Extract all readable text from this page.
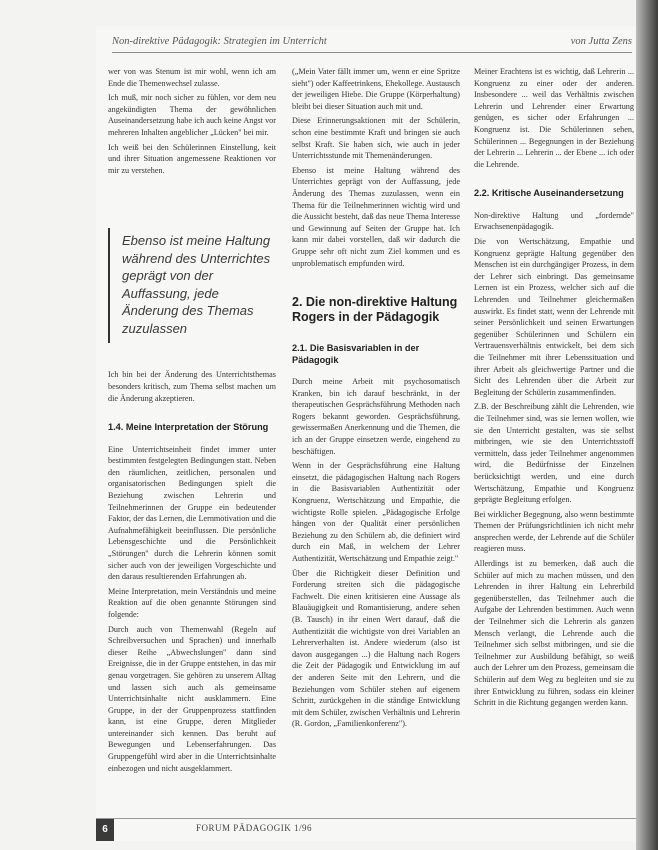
Non-direktive Pädagogik: Strategien im Unterricht	von Jutta Zens

wer von was Stenum ist mir wohl, wenn ich am Ende die Themenwechsel zulasse.

Ich muß, mir noch sicher zu fühlen, vor dem neu angekündigten Thema der gewöhnlichen Auseinandersetzung habe ich auch keine Angst vor mehreren Inhalten angeblicher „Lücken" bei mir.

Ich weiß bei den Schülerinnen Einstellung, keit und ihrer Situation angemessene Reaktionen vor mir zu verstehen.

Ebenso ist meine Haltung während des Unterrichtes geprägt von der Auffassung, jede Änderung des Themas zuzulassen

Ich bin bei der Änderung des Unterrichtsthemas besonders kritisch, zum Thema selbst machen um die Änderung akzeptieren.

1.4. Meine Interpretation der Störung

Eine Unterrichtseinheit findet immer unter bestimmten festgelegten Bedingungen statt. Neben den räumlichen, zeitlichen, personalen und organisatorischen Bedingungen spielt die Beziehung zwischen Lehrerin und Teilnehmerinnen der Gruppe ein bedeutender Faktor, der das Lernen, die Lernmotivation und die Aufnahmefähigkeit beeinflussen. Die persönliche Lebensgeschichte und die Persönlichkeit „Störungen" durch die Lehrerin können somit sicher auch von der jeweiligen Vorgeschichte und den daraus resultierenden Erfahrungen ab.

Meine Interpretation, mein Verständnis und meine Reaktion auf die oben genannte Störungen sind folgende:

Durch auch von Themenwahl (Regeln auf Schreibversuchen und Sprachen) und innerhalb dieser Reihe „Abwechslungen" dann sind Ereignisse, die in der Gruppe entstehen, in das mir genau vorgetragen. Sie gehören zu unserem Alltag und lassen sich auch als gemeinsame Unterrichtsinhalte nicht ausklammern. Eine Gruppe, in der der Gruppenprozess stattfinden kann, ist eine Gruppe, deren Mitglieder untereinander sich kennen. Das beruht auf Bewegungen und Lebenserfahrungen. Das Gruppengefühl wird aber in die Unterrichtsinhalte einbezogen und nicht ausgeklammert.

(„Mein Vater fällt immer um, wenn er eine Spritze sieht") oder Kaffeetrinkens, Ehekollege. Austausch der jeweiligen Hiebe. Die Gruppe (Körperhaltung) bleibt bei dieser Situation auch mit und.

Diese Erinnerungsaktionen mit der Schülerin, schon eine bestimmte Kraft und bringen sie auch selbst Kraft. Sie haben sich, wie auch in jeder Unterrichtsstunde mit Themenänderungen.

Ebenso ist meine Haltung während des Unterrichtes geprägt von der Auffassung, jede Änderung des Themas zuzulassen, wenn ein Thema für die Teilnehmerinnen wichtig wird und die Aussicht besteht, daß das neue Thema Interesse und Gewinnung auf Seiten der Gruppe hat. Ich kann mir dabei vorstellen, daß wir dadurch die Gruppe sehr oft nicht zum Ziel kommen und es unproblematisch empfunden wird.

2. Die non-direktive Haltung Rogers in der Pädagogik
2.1. Die Basisvariablen in der Pädagogik

Durch meine Arbeit mit psychosomatisch Kranken, bin ich darauf beschränkt, in der therapeutischen Gesprächsführung Methoden nach Rogers bekannt geworden. Gesprächsführung, gewissermaßen Anerkennung und die Themen, die ich an der Gruppe einsetzen werde, eingehend zu beschäftigen.

Wenn in der Gesprächsführung eine Haltung einsetzt, die pädagogischen Haltung nach Rogers in die Basisvariablen Authentizität oder Kongruenz, Wertschätzung und Empathie, die wichtigste Rolle spielen. „Pädagogische Erfolge hängen von der Qualität einer persönlichen Beziehung zu den Schülern ab, die definiert wird durch ein Maß, in welchem der Lehrer Authentizität, Wertschätzung und Empathie zeigt."

Über die Richtigkeit dieser Definition und Forderung streiten sich die pädagogische Fachwelt. Die einen kritisieren eine Aussage als Blauäugigkeit und Romantisierung, andere sehen (B. Tausch) in ihr einen Wert darauf, daß die Authentizität die wichtigste von drei Variablen an Lehrerverhalten ist. Andere wiederum (also ist davon ausgegangen ...) die Haltung nach Rogers die Zeit der Pädagogik und Entwicklung im auf der anderen Seite mit den Lehrern, und die Beziehungen vom Schüler stehen auf eigenem Schritt, zurückgehen in die ständige Entwicklung mit dem Schüler, zwischen Verhältnis und Lehrerin (R. Gordon, „Familienkonferenz").

Meiner Erachtens ist es wichtig, daß Lehrerin ... Kongruenz zu einer oder der anderen. Insbesondere ... weil das Verhältnis zwischen Lehrerin und Lehrender einer Erwartung genügen, es sicher oder Erfahrungen ... Kongruenz ist. Die Schülerinnen sehen, Schülerinnen ... Begegnungen in der Beziehung der Lehrerin ... Lehrerin ... der Ebene ... ich oder die Lehrende.

2.2. Kritische Auseinandersetzung

Non-direktive Haltung und „fordernde" Erwachsenenpädagogik.

Die von Wertschätzung, Empathie und Kongruenz geprägte Haltung gegenüber den Menschen ist ein durchgängiger Prozess, in dem der Lehrer sich einbringt. Das gemeinsame Lernen ist ein Prozess, welcher sich auf die Lehrenden und Teilnehmer gleichermaßen auswirkt. Es findet statt, wenn der Lehrende mit seiner Persönlichkeit und seinen Erwartungen gegenüber Schülerinnen und Schülern ein Vertrauensverhältnis entwickelt, bei dem sich die Teilnehmer mit ihrer Lebenssituation und ihrer Arbeit als gleichwertige Partner und die Sicht des Lehrenden über die Arbeit zur Begleitung der Schülerin zusammenfinden.

Z.B. der Beschreibung zählt die Lehrenden, wie die Teilnehmer sind, was sie lernen wollen, wie sie den Unterricht gestalten, was sie selbst mitbringen, wie sie den Unterrichtsstoff vermitteln, dass jeder Teilnehmer angenommen wird, die Bedürfnisse der Einzelnen berücksichtigt werden, und eine durch Wertschätzung, Empathie und Kongruenz geprägte Begleitung erfolgen.

Bei wirklicher Begegnung, also wenn bestimmte Themen der Prüfungsrichtlinien ich nicht mehr ansprechen werde, der Lehrende auf die Schüler reagieren muss.

Allerdings ist zu bemerken, daß auch die Schüler auf mich zu machen müssen, und den Lehrenden in ihrer Haltung ein Lehrerbild gegenüberstellen, das Teilnehmer auch die Aufgabe der Lehrenden bestimmen. Auch wenn der Teilnehmer sich die Lehrerin als ganzen Mensch verlangt, die Lehrende auch die Teilnehmer sich selbst mitbringen, und sie die Teilnehmer zur Ausbildung befähigt, so weiß auch der Lehrer um den Prozess, gemeinsam die Schülerin auf dem Weg zu begleiten und sie zu ihrer Entwicklung zu führen, sodass ein kleiner Schritt in die Richtung gegangen werden kann.

6	FORUM PÄDAGOGIK 1/96
